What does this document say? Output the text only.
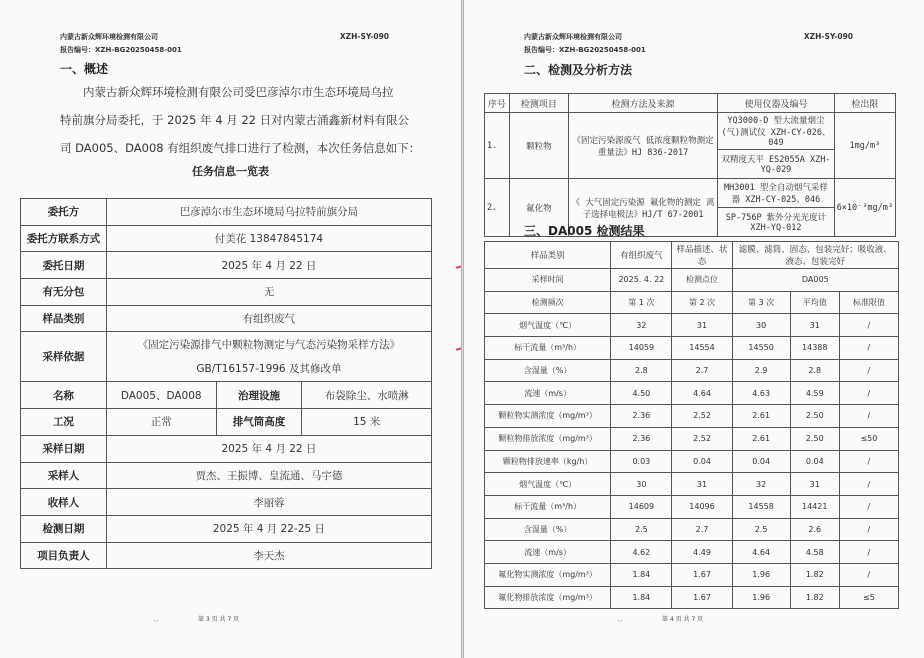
内蒙古新众辉环境检测有限公司	XZH-SY-090
报告编号：XZH-BG20250458-001
一、概述
内蒙古新众辉环境检测有限公司受巴彦淖尔市生态环境局乌拉
特前旗分局委托，于 2025 年 4 月 22 日对内蒙古涌鑫新材料有限公
司 DA005、DA008 有组织废气排口进行了检测，本次任务信息如下：
任务信息一览表
委托方	巴彦淖尔市生态环境局乌拉特前旗分局		
委托方联系方式	付美花 13847845174		
委托日期	2025 年 4 月 22 日		
有无分包	无		
样品类别	有组织废气		
采样依据	《固定污染源排气中颗粒物测定与气态污染物采样方法》
GB/T16157-1996 及其修改单		

名称	DA005、DA008	治理设施	布袋除尘、水喷淋
工况	正常	排气筒高度	15 米
采样日期	2025 年 4 月 22 日		
采样人	贾杰、王振博、皇流通、马宇德		
收样人	李丽蓉		
检测日期	2025 年 4 月 22-25 日		
项目负责人	李天杰		
、、	第 3 页 共 7 页
内蒙古新众辉环境检测有限公司	XZH-SY-090
报告编号：XZH-BG20250458-001
二、检测及分析方法
序号	检测项目	检测方法及来源	使用仪器及编号	检出限
1.	颗粒物	《固定污染源废气 低浓度颗粒物测定重量法》HJ 836-2017	YQ3000-D 型大流量烟尘(气)测试仪 XZH-CY-026、049	1mg/m³
			双精度天平 ES2055A XZH-YQ-029	
2.	氟化物	《 大气固定污染源 氟化物的测定 离子选择电极法》HJ/T 67-2001	MH3001 型全自动烟气采样器 XZH-CY-025、046	6×10⁻³mg/m³
			SP-756P 紫外分光光度计 XZH-YQ-012	
三、DA005 检测结果
样品类别	有组织废气	样品描述、状态	滤膜、滤筒、固态、包装完好；吸收液、液态、包装完好		
采样时间	2025. 4. 22	检测点位	DA005		
检测频次	第 1 次	第 2 次	第 3 次	平均值	标准限值
烟气温度（℃）	32	31	30	31	/
标干流量（m³/h）	14059	14554	14550	14388	/
含湿量（%）	2.8	2.7	2.9	2.8	/
流速（m/s）	4.50	4.64	4.63	4.59	/
颗粒物实测浓度（mg/m³）	2.36	2.52	2.61	2.50	/
颗粒物排放浓度（mg/m³）	2.36	2.52	2.61	2.50	≤50
颗粒物排放速率（kg/h）	0.03	0.04	0.04	0.04	/
烟气温度（℃）	30	31	32	31	/
标干流量（m³/h）	14609	14096	14558	14421	/
含湿量（%）	2.5	2.7	2.5	2.6	/
流速（m/s）	4.62	4.49	4.64	4.58	/
氟化物实测浓度（mg/m³）	1.84	1.67	1.96	1.82	/
氟化物排放浓度（mg/m³）	1.84	1.67	1.96	1.82	≤5
、、	第 4 页 共 7 页
